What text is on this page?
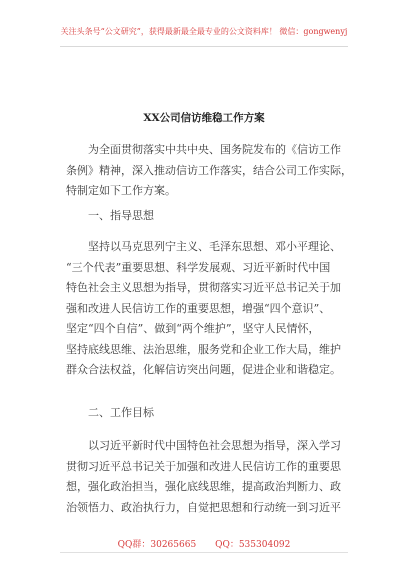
关注头条号“公文研究”，获得最新最全最专业的公文资料库！ 微信：gongwenyj
XX公司信访维稳工作方案
为全面贯彻落实中共中央、国务院发布的《信访工作
条例》精神，深入推动信访工作落实，结合公司工作实际，
特制定如下工作方案。
一、指导思想
坚持以马克思列宁主义、毛泽东思想、邓小平理论、
“三个代表”重要思想、科学发展观、习近平新时代中国
特色社会主义思想为指导，贯彻落实习近平总书记关于加
强和改进人民信访工作的重要思想，增强“四个意识”、
坚定“四个自信”、做到“两个维护”，坚守人民情怀，
坚持底线思维、法治思维，服务党和企业工作大局，维护
群众合法权益，化解信访突出问题，促进企业和谐稳定。
二、工作目标
以习近平新时代中国特色社会思想为指导，深入学习
贯彻习近平总书记关于加强和改进人民信访工作的重要思
想，强化政治担当，强化底线思维，提高政治判断力、政
治领悟力、政治执行力，自觉把思想和行动统一到习近平
QQ群：30265665 QQ：535304092
